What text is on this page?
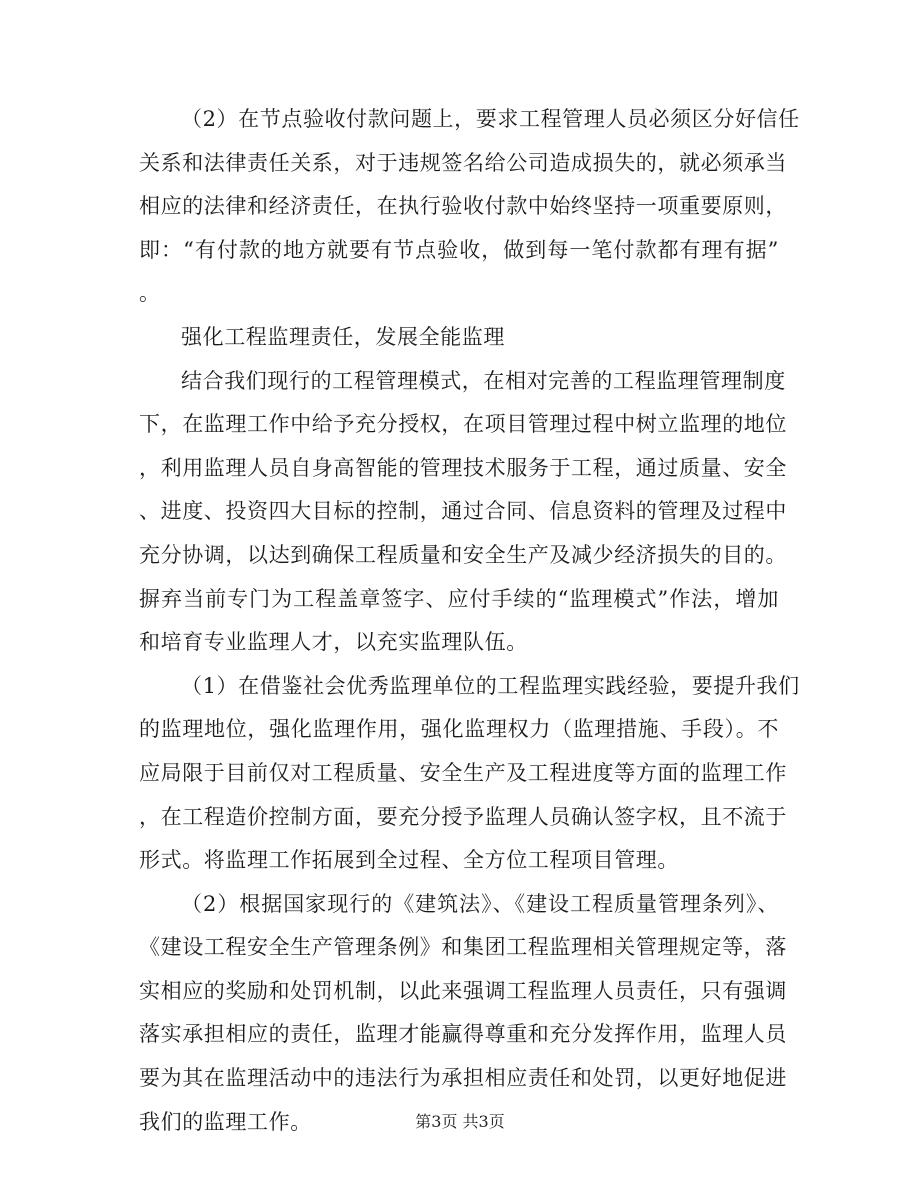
（2）在节点验收付款问题上，要求工程管理人员必须区分好信任
关系和法律责任关系，对于违规签名给公司造成损失的，就必须承当
相应的法律和经济责任，在执行验收付款中始终坚持一项重要原则，
即：“有付款的地方就要有节点验收，做到每一笔付款都有理有据”
。
强化工程监理责任，发展全能监理
结合我们现行的工程管理模式，在相对完善的工程监理管理制度
下，在监理工作中给予充分授权，在项目管理过程中树立监理的地位
，利用监理人员自身高智能的管理技术服务于工程，通过质量、安全
、进度、投资四大目标的控制，通过合同、信息资料的管理及过程中
充分协调，以达到确保工程质量和安全生产及减少经济损失的目的。
摒弃当前专门为工程盖章签字、应付手续的“监理模式”作法，增加
和培育专业监理人才，以充实监理队伍。
（1）在借鉴社会优秀监理单位的工程监理实践经验，要提升我们
的监理地位，强化监理作用，强化监理权力（监理措施、手段）。不
应局限于目前仅对工程质量、安全生产及工程进度等方面的监理工作
，在工程造价控制方面，要充分授予监理人员确认签字权，且不流于
形式。将监理工作拓展到全过程、全方位工程项目管理。
（2）根据国家现行的《建筑法》、《建设工程质量管理条列》、
《建设工程安全生产管理条例》和集团工程监理相关管理规定等，落
实相应的奖励和处罚机制，以此来强调工程监理人员责任，只有强调
落实承担相应的责任，监理才能赢得尊重和充分发挥作用，监理人员
要为其在监理活动中的违法行为承担相应责任和处罚，以更好地促进
我们的监理工作。	第3页 共3页
